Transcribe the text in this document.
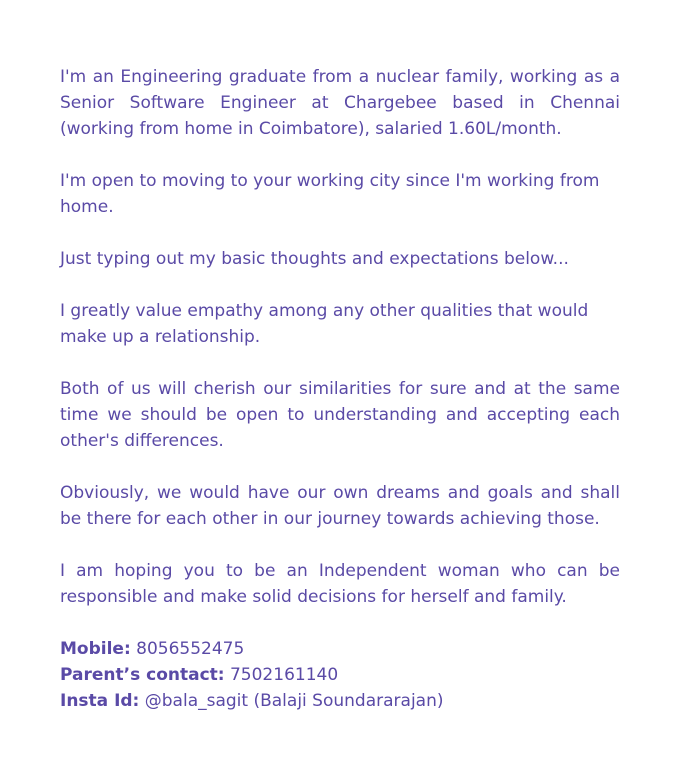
I'm an Engineering graduate from a nuclear family, working as a Senior Software Engineer at Chargebee based in Chennai (working from home in Coimbatore), salaried 1.60L/month.

I'm open to moving to your working city since I'm working from home.

Just typing out my basic thoughts and expectations below...

I greatly value empathy among any other qualities that would make up a relationship.

Both of us will cherish our similarities for sure and at the same time we should be open to understanding and accepting each other's differences.

Obviously, we would have our own dreams and goals and shall be there for each other in our journey towards achieving those.

I am hoping you to be an Independent woman who can be responsible and make solid decisions for herself and family.

Mobile: 8056552475

Parent’s contact: 7502161140

Insta Id: @bala_sagit (Balaji Soundararajan)
